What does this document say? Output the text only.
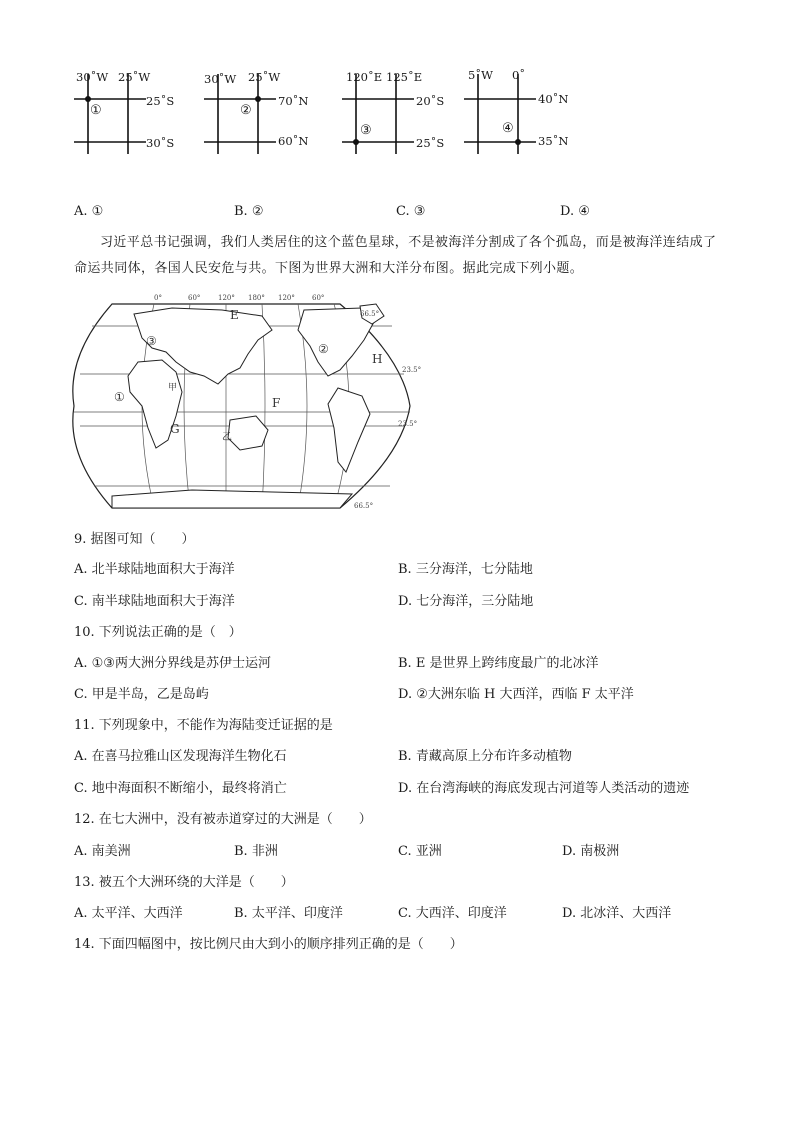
30˚W 25˚W
25˚S
30˚S
①
30˚W 25˚W
70˚N
60˚N
②
120˚E 125˚E
20˚S
25˚S
③
5˚W 0˚
40˚N
35˚N
④
A. ①	B. ②	C. ③	D. ④
习近平总书记强调，我们人类居住的这个蓝色星球，不是被海洋分割成了各个孤岛，而是被海洋连结成了命运共同体，各国人民安危与共。下图为世界大洲和大洋分布图。据此完成下列小题。
0°	60°	120° 180° 120° 60°
66.5°
23.5°
23.5°
66.5°
E
③
②
H
甲
①	F
G
乙
9. 据图可知（　　）
A. 北半球陆地面积大于海洋	B. 三分海洋，七分陆地
C. 南半球陆地面积大于海洋	D. 七分海洋，三分陆地
10. 下列说法正确的是（　）
A. ①③两大洲分界线是苏伊士运河	B. E 是世界上跨纬度最广的北冰洋
C. 甲是半岛，乙是岛屿	D. ②大洲东临 H 大西洋，西临 F 太平洋
11. 下列现象中，不能作为海陆变迁证据的是
A. 在喜马拉雅山区发现海洋生物化石	B. 青藏高原上分布许多动植物
C. 地中海面积不断缩小，最终将消亡	D. 在台湾海峡的海底发现古河道等人类活动的遗迹
12. 在七大洲中，没有被赤道穿过的大洲是（　　）
A. 南美洲	B. 非洲	C. 亚洲	D. 南极洲
13. 被五个大洲环绕的大洋是（　　）
A. 太平洋、大西洋	B. 太平洋、印度洋	C. 大西洋、印度洋	D. 北冰洋、大西洋
14. 下面四幅图中，按比例尺由大到小的顺序排列正确的是（　　）
